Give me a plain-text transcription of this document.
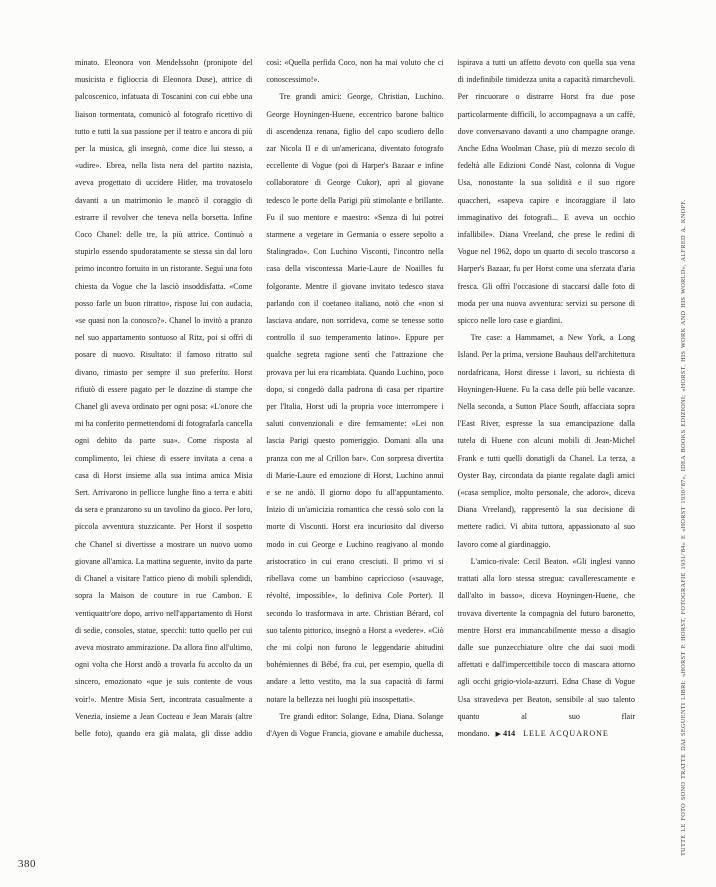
minato. Eleonora von Mendelssohn (pronipote del musicista e figlioccia di Eleonora Duse), attrice di palcoscenico, infatuata di Toscanini con cui ebbe una liaison tormentata, comunicò al fotografo ricettivo di tutto e tutti la sua passione per il teatro e ancora di più per la musica, gli insegnò, come dice lui stesso, a «udire». Ebrea, nella lista nera del partito nazista, aveva progettato di uccidere Hitler, ma trovatoselo davanti a un matrimonio le mancò il coraggio di estrarre il revolver che teneva nella borsetta. Infine Coco Chanel: delle tre, la più attrice. Continuò a stupirlo essendo spudoratamente se stessa sin dal loro primo incontro fortuito in un ristorante. Seguì una foto chiesta da Vogue che la lasciò insoddisfatta. «Come posso farle un buon ritratto», rispose lui con audacia, «se quasi non la conosco?». Chanel lo invitò a pranzo nel suo appartamento sontuoso al Ritz, poi si offrì di posare di nuovo. Risultato: il famoso ritratto sul divano, rimasto per sempre il suo preferito. Horst rifiutò di essere pagato per le dozzine di stampe che Chanel gli aveva ordinato per ogni posa: «L'onore che mi ha conferito permettendomi di fotografarla cancella ogni debito da parte sua». Come risposta al complimento, lei chiese di essere invitata a cena a casa di Horst insieme alla sua intima amica Misia Sert. Arrivarono in pellicce lunghe fino a terra e abiti da sera e pranzarono su un tavolino da gioco. Per loro, piccola avventura stuzzicante. Per Horst il sospetto che Chanel si divertisse a mostrare un nuovo uomo giovane all'amica. La mattina seguente, invito da parte di Chanel a visitare l'attico pieno di mobili splendidi, sopra la Maison de couture in rue Cambon. E ventiquattr'ore dopo, arrivo nell'appartamento di Horst di sedie, consoles, statue, specchi: tutto quello per cui aveva mostrato ammirazione. Da allora fino all'ultimo, ogni volta che Horst andò a trovarla fu accolto da un sincero, emozionato «que je suis contente de vous voir!». Mentre Misia Sert, incontrata casualmente a Venezia, insieme a Jean Cocteau e Jean Marais (altre belle foto), quando era già malata, gli disse addio così: «Quella perfida Coco, non ha mai voluto che ci conoscessimo!».

Tre grandi amici: George, Christian, Luchino. George Hoyningen-Huene, eccentrico barone baltico di ascendenza renana, figlio del capo scudiero dello zar Nicola II e di un'americana, diventato fotografo eccellente di Vogue (poi di Harper's Bazaar e infine collaboratore di George Cukor), aprì al giovane tedesco le porte della Parigi più stimolante e brillante. Fu il suo mentore e maestro: «Senza di lui potrei starmene a vegetare in Germania o essere sepolto a Stalingrado». Con Luchino Visconti, l'incontro nella casa della viscontessa Marie-Laure de Noailles fu folgorante. Mentre il giovane invitato tedesco stava parlando con il coetaneo italiano, notò che «non si lasciava andare, non sorrideva, come se tenesse sotto controllo il suo temperamento latino». Eppure per qualche segreta ragione sentì che l'attrazione che provava per lui era ricambiata. Quando Luchino, poco dopo, si congedò dalla padrona di casa per ripartire per l'Italia, Horst udì la propria voce interrompere i saluti convenzionali e dire fermamente: «Lei non lascia Parigi questo pomeriggio. Domani alla una pranza con me al Crillon bar». Con sorpresa divertita di Marie-Laure ed emozione di Horst, Luchino annuì e se ne andò. Il giorno dopo fu all'appuntamento. Inizio di un'amicizia romantica che cessò solo con la morte di Visconti. Horst era incuriosito dal diverso modo in cui George e Luchino reagivano al mondo aristocratico in cui erano cresciuti. Il primo vi si ribellava come un bambino capriccioso («sauvage, révolté, impossible», lo definiva Cole Porter). Il secondo lo trasformava in arte. Christian Bérard, col suo talento pittorico, insegnò a Horst a «vedere». «Ciò che mi colpì non furono le leggendarie abitudini bohémiennes di Bébé, fra cui, per esempio, quella di andare a letto vestito, ma la sua capacità di farmi notare la bellezza nei luoghi più insospettati».

Tre grandi editor: Solange, Edna, Diana. Solange d'Ayen di Vogue Francia, giovane e amabile duchessa, ispirava a tutti un affetto devoto con quella sua vena di indefinibile timidezza unita a capacità rimarchevoli. Per rincuorare o distrarre Horst fra due pose particolarmente difficili, lo accompagnava a un caffè, dove conversavano davanti a uno champagne orange. Anche Edna Woolman Chase, più di mezzo secolo di fedeltà alle Edizioni Condé Nast, colonna di Vogue Usa, nonostante la sua solidità e il suo rigore quaccheri, «sapeva capire e incoraggiare il lato immaginativo dei fotografi... E aveva un occhio infallibile». Diana Vreeland, che prese le redini di Vogue nel 1962, dopo un quarto di secolo trascorso a Harper's Bazaar, fu per Horst come una sferzata d'aria fresca. Gli offrì l'occasione di staccarsi dalle foto di moda per una nuova avventura: servizi su persone di spicco nelle loro case e giardini.

Tre case: a Hammamet, a New York, a Long Island. Per la prima, versione Bauhaus dell'architettura nordafricana, Horst diresse i lavori, su richiesta di Hoyningen-Huene. Fu la casa delle più belle vacanze. Nella seconda, a Sutton Place South, affacciata sopra l'East River, espresse la sua emancipazione dalla tutela di Huene con alcuni mobili di Jean-Michel Frank e tutti quelli donatigli da Chanel. La terza, a Oyster Bay, circondata da piante regalate dagli amici («casa semplice, molto personale, che adoro», diceva Diana Vreeland), rappresentò la sua decisione di mettere radici. Vi abita tuttora, appassionato al suo lavoro come al giardinaggio.

L'amico-rivale: Cecil Beaton. «Gli inglesi vanno trattati alla loro stessa stregua: cavallerescamente e dall'alto in basso», diceva Hoyningen-Huene, che trovava divertente la compagnia del futuro baronetto, mentre Horst era immancabilmente messo a disagio dalle sue punzecchiature oltre che dai suoi modi affettati e dall'impercettibile tocco di mascara attorno agli occhi grigio-viola-azzurri. Edna Chase di Vogue Usa stravedeva per Beaton, sensibile al suo talento quanto al suo flair mondano. ▶ 414 LELE ACQUARONE

380
TUTTE LE FOTO SONO TRATTE DAI SEGUENTI LIBRI: «HORST P. HORST, FOTOGRAFIE 1931/'84» E «HORST 1930/'87», IDEA BOOKS EDIZIONI; «HORST, HIS WORK AND HIS WORLD», ALFRED A. KNOPF.
